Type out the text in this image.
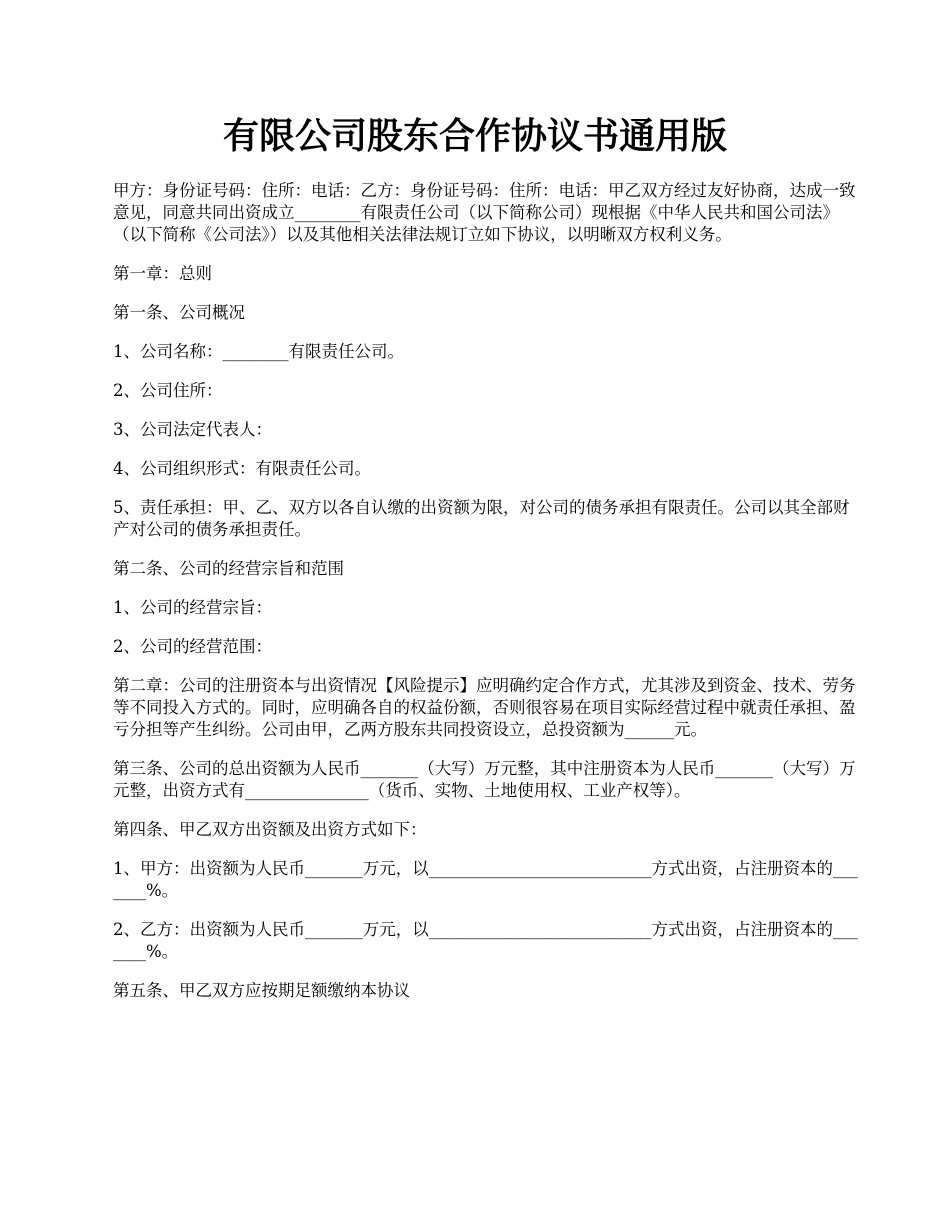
有限公司股东合作协议书通用版

甲方：身份证号码：住所：电话：乙方：身份证号码：住所：电话：甲乙双方经过友好协商，达成一致意见，同意共同出资成立________有限责任公司（以下简称公司）现根据《中华人民共和国公司法》（以下简称《公司法》）以及其他相关法律法规订立如下协议，以明晰双方权利义务。

第一章：总则

第一条、公司概况

1、公司名称：________有限责任公司。

2、公司住所：

3、公司法定代表人：

4、公司组织形式：有限责任公司。

5、责任承担：甲、乙、双方以各自认缴的出资额为限，对公司的债务承担有限责任。公司以其全部财产对公司的债务承担责任。

第二条、公司的经营宗旨和范围

1、公司的经营宗旨：

2、公司的经营范围：

第二章：公司的注册资本与出资情况【风险提示】应明确约定合作方式，尤其涉及到资金、技术、劳务等不同投入方式的。同时，应明确各自的权益份额，否则很容易在项目实际经营过程中就责任承担、盈亏分担等产生纠纷。公司由甲，乙两方股东共同投资设立，总投资额为______元。

第三条、公司的总出资额为人民币_______（大写）万元整，其中注册资本为人民币_______（大写）万元整，出资方式有_______________（货币、实物、土地使用权、工业产权等）。

第四条、甲乙双方出资额及出资方式如下：

1、甲方：出资额为人民币_______万元，以___________________________方式出资，占注册资本的_______%。

2、乙方：出资额为人民币_______万元，以___________________________方式出资，占注册资本的_______%。

第五条、甲乙双方应按期足额缴纳本协议
